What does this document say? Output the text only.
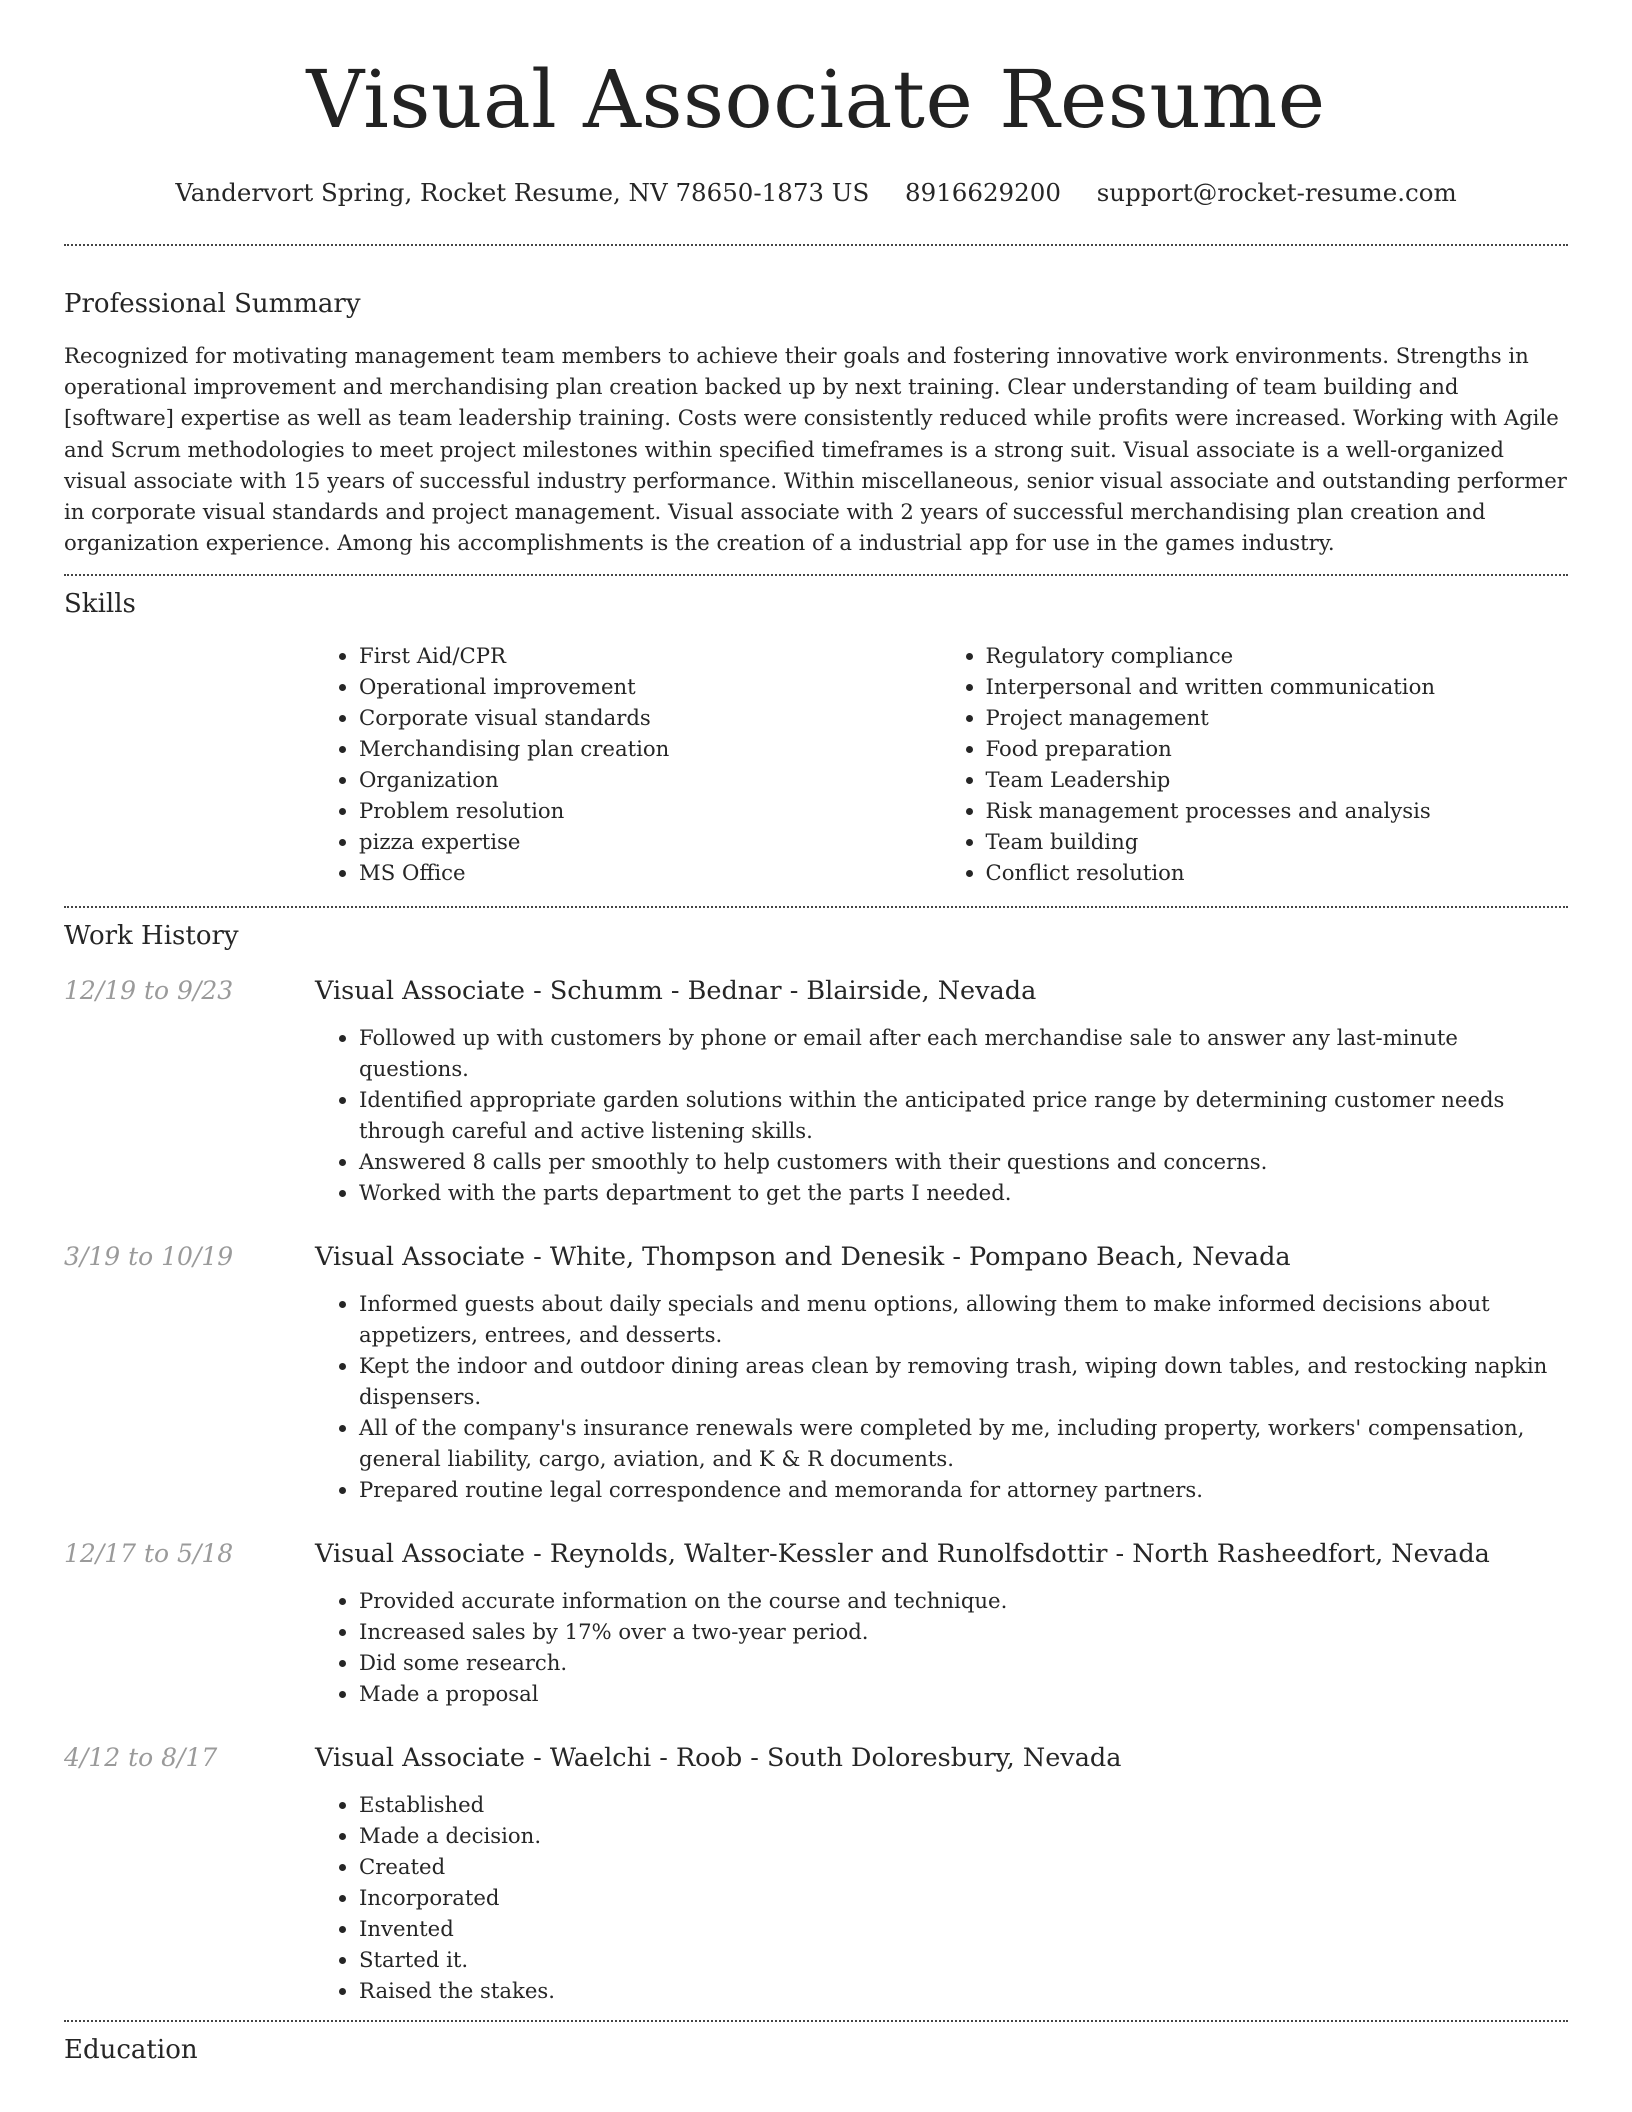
Visual Associate Resume
Vandervort Spring, Rocket Resume, NV 78650-1873 US 8916629200 support@rocket-resume.com
Professional Summary

Recognized for motivating management team members to achieve their goals and fostering innovative work environments. Strengths in operational improvement and merchandising plan creation backed up by next training. Clear understanding of team building and [software] expertise as well as team leadership training. Costs were consistently reduced while profits were increased. Working with Agile and Scrum methodologies to meet project milestones within specified timeframes is a strong suit. Visual associate is a well-organized visual associate with 15 years of successful industry performance. Within miscellaneous, senior visual associate and outstanding performer in corporate visual standards and project management. Visual associate with 2 years of successful merchandising plan creation and organization experience. Among his accomplishments is the creation of a industrial app for use in the games industry.

Skills
• First Aid/CPR
• Operational improvement
• Corporate visual standards
• Merchandising plan creation
• Organization
• Problem resolution
• pizza expertise
• MS Office
• Regulatory compliance
• Interpersonal and written communication
• Project management
• Food preparation
• Team Leadership
• Risk management processes and analysis
• Team building
• Conflict resolution
Work History
12/19 to 9/23	Visual Associate - Schumm - Bednar - Blairside, Nevada
• Followed up with customers by phone or email after each merchandise sale to answer any last-minute questions.
• Identified appropriate garden solutions within the anticipated price range by determining customer needs through careful and active listening skills.
• Answered 8 calls per smoothly to help customers with their questions and concerns.
• Worked with the parts department to get the parts I needed.
3/19 to 10/19	Visual Associate - White, Thompson and Denesik - Pompano Beach, Nevada
• Informed guests about daily specials and menu options, allowing them to make informed decisions about appetizers, entrees, and desserts.
• Kept the indoor and outdoor dining areas clean by removing trash, wiping down tables, and restocking napkin dispensers.
• All of the company's insurance renewals were completed by me, including property, workers' compensation, general liability, cargo, aviation, and K & R documents.
• Prepared routine legal correspondence and memoranda for attorney partners.
12/17 to 5/18	Visual Associate - Reynolds, Walter-Kessler and Runolfsdottir - North Rasheedfort, Nevada
• Provided accurate information on the course and technique.
• Increased sales by 17% over a two-year period.
• Did some research.
• Made a proposal
4/12 to 8/17	Visual Associate - Waelchi - Roob - South Doloresbury, Nevada
• Established
• Made a decision.
• Created
• Incorporated
• Invented
• Started it.
• Raised the stakes.
Education
